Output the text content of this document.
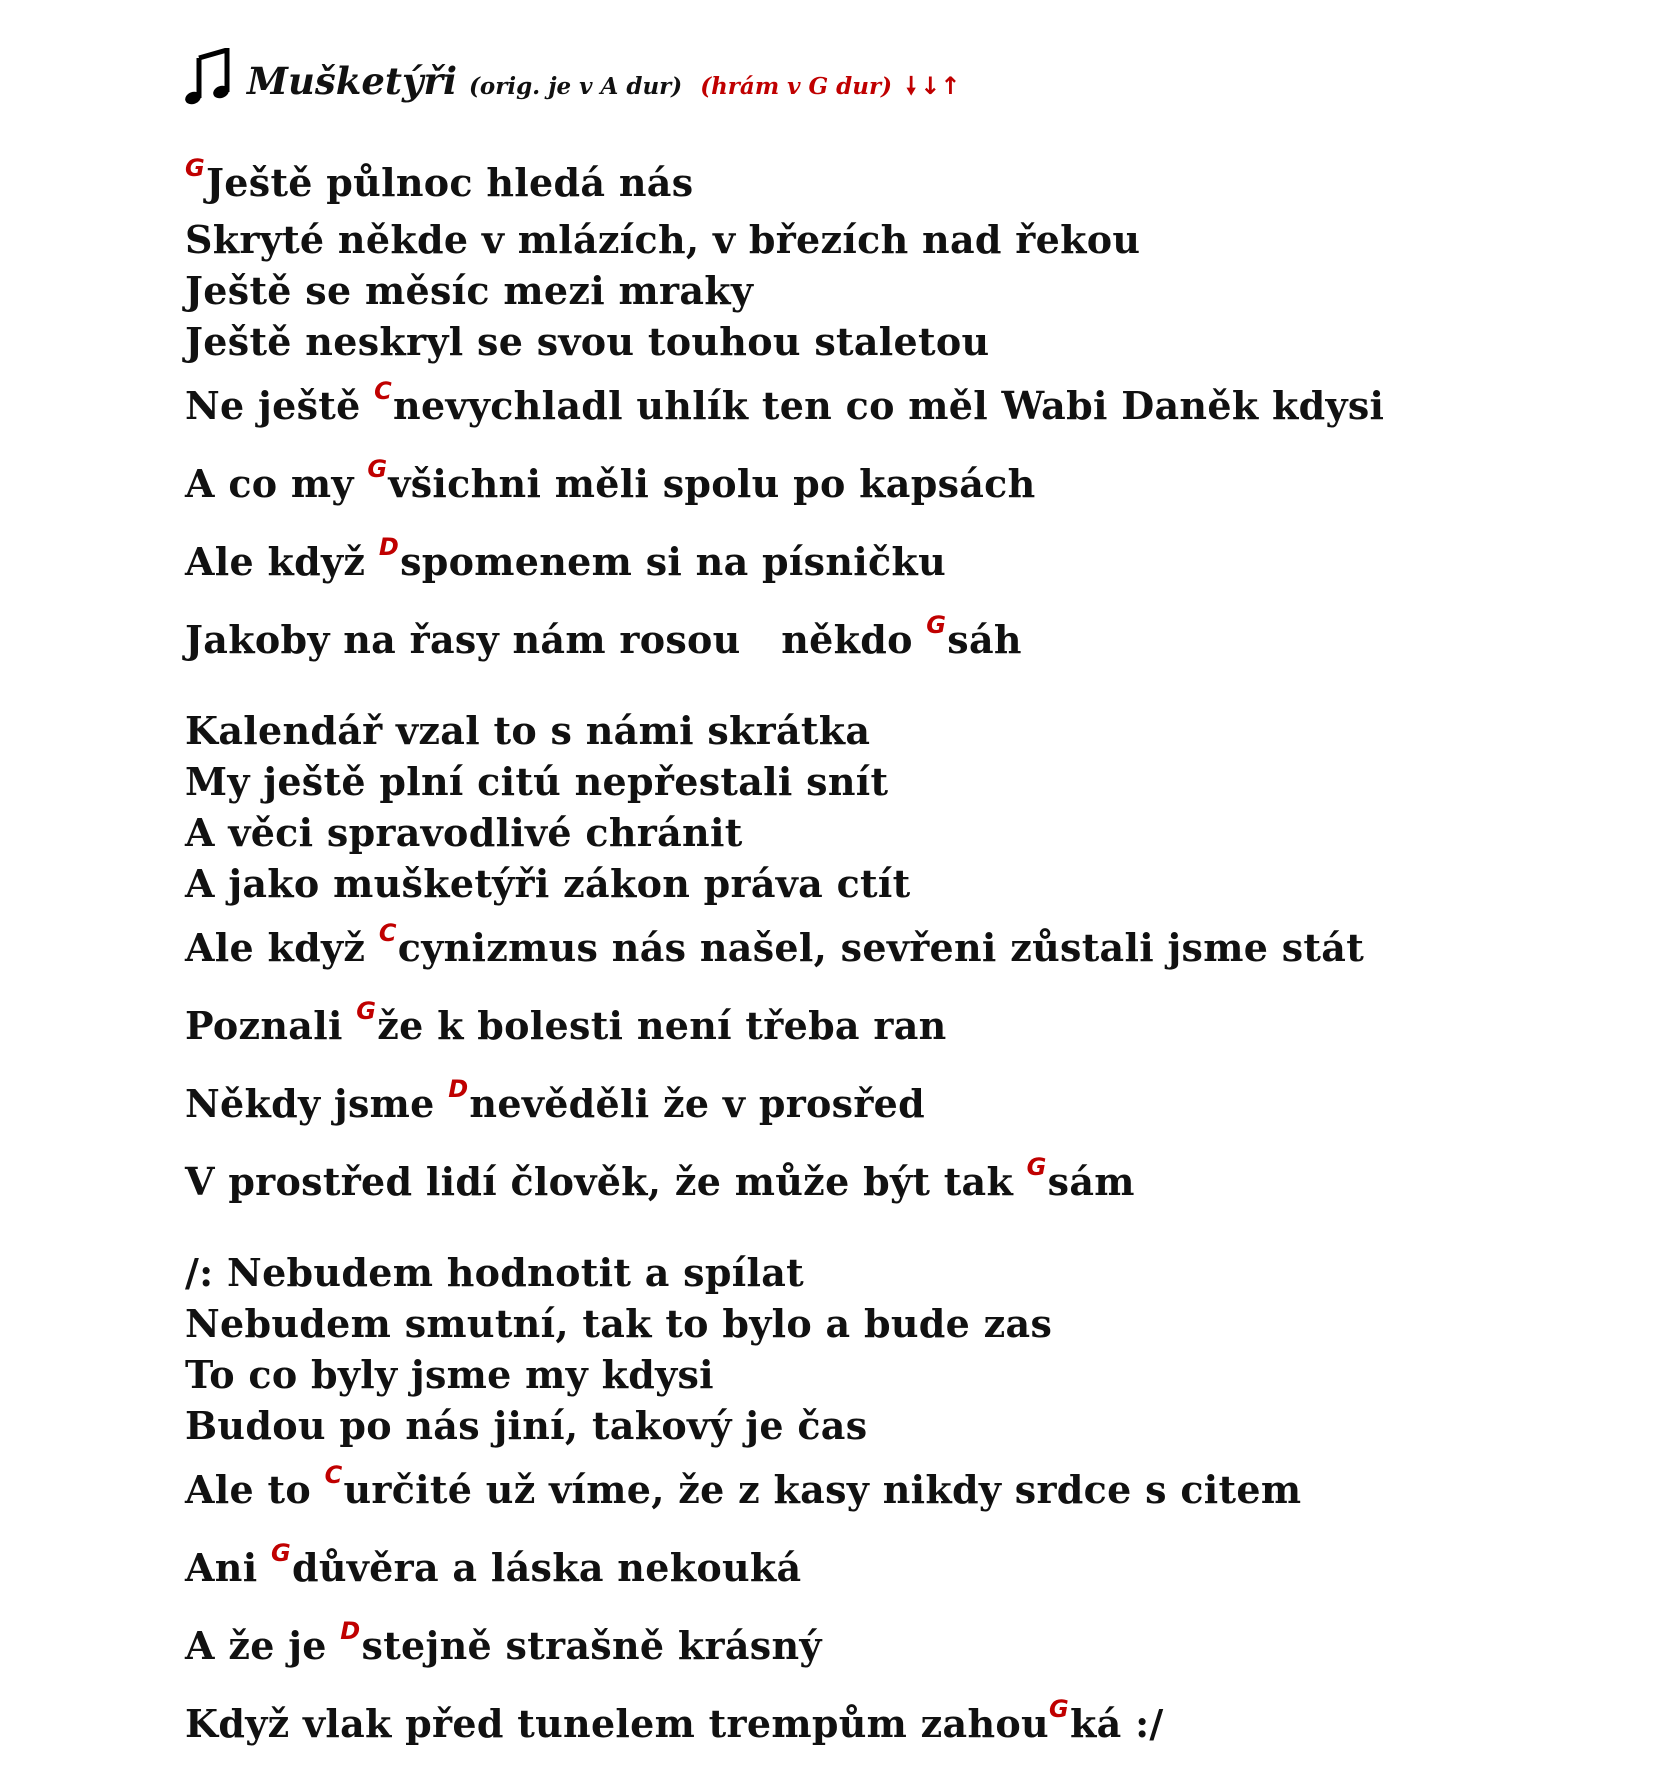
Mušketýři (orig. je v A dur) (hrám v G dur) 🠗 ↓↑
$^G$Ještě půlnoc hledá nás
Skryté někde v mlázích, v březích nad řekou
Ještě se měsíc mezi mraky
Ještě neskryl se svou touhou staletou
Ne ještě $^C$nevychladl uhlík ten co měl Wabi Daněk kdysi
A co my $^G$všichni měli spolu po kapsách
Ale když $^D$spomenem si na písničku
Jakoby na řasy nám rosou   někdo $^G$sáh
Kalendář vzal to s námi skrátka
My ještě plní citú nepřestali snít
A věci spravodlivé chránit
A jako mušketýři zákon práva ctít
Ale když $^C$cynizmus nás našel, sevřeni zůstali jsme stát
Poznali $^G$že k bolesti není třeba ran
Někdy jsme $^D$nevěděli že v prosřed
V prostřed lidí člověk, že může být tak $^G$sám
/: Nebudem hodnotit a spílat
Nebudem smutní, tak to bylo a bude zas
To co byly jsme my kdysi
Budou po nás jiní, takový je čas
Ale to $^C$určité už víme, že z kasy nikdy srdce s citem
Ani $^G$důvěra a láska nekouká
A že je $^D$stejně strašně krásný
Když vlak před tunelem trempům zahou$^G$ká :/
